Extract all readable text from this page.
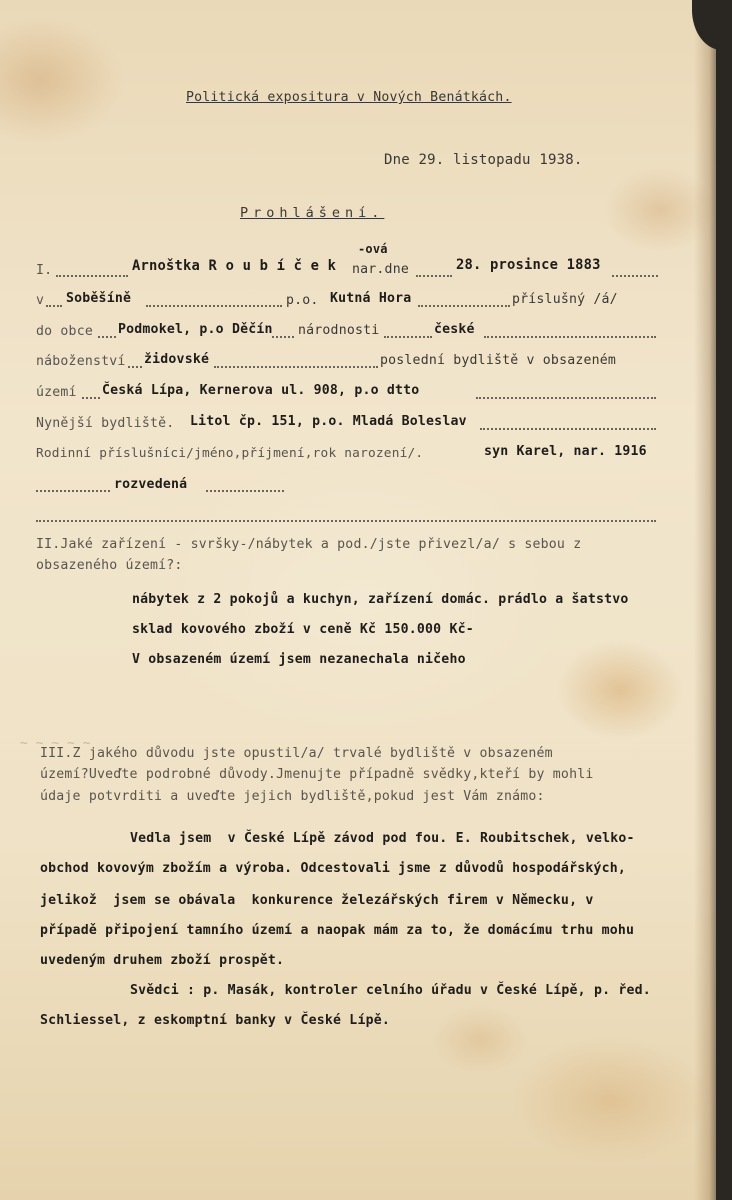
Politická expositura v Nových Benátkách.
Dne 29. listopadu 1938.
Prohlášení.
-ová
I.	Arnoštka R o u b í č e k nar.dne	28. prosince 1883
v Soběšíně	p.o. Kutná Hora	příslušný /á/
do obce Podmokel, p.o Děčín národnosti	české
náboženství židovské	poslední bydliště v obsazeném
území Česká Lípa, Kernerova ul. 908, p.o dtto
Nynější bydliště. Litol čp. 151, p.o. Mladá Boleslav
Rodinní příslušníci/jméno,příjmení,rok narození/.	syn Karel, nar. 1916
rozvedená
II.Jaké zařízení - svršky-/nábytek a pod./jste přivezl/a/ s sebou z
obsazeného území?:
nábytek z 2 pokojů a kuchyn, zařízení domác. prádlo a šatstvo
sklad kovového zboží v ceně Kč 150.000 Kč-
V obsazeném území jsem nezanechala ničeho
~ ~ ~ ~ ~
III.Z jakého důvodu jste opustil/a/ trvalé bydliště v obsazeném
území?Uveďte podrobné důvody.Jmenujte případně svědky,kteří by mohli
údaje potvrditi a uveďte jejich bydliště,pokud jest Vám známo:
Vedla jsem  v České Lípě závod pod fou. E. Roubitschek, velko-
obchod kovovým zbožím a výroba. Odcestovali jsme z důvodů hospodářských,
jelikož  jsem se obávala  konkurence železářských firem v Německu, v
případě připojení tamního území a naopak mám za to, že domácímu trhu mohu
uvedeným druhem zboží prospět.
Svědci : p. Masák, kontroler celního úřadu v České Lípě, p. řed.
Schliessel, z eskomptní banky v České Lípě.
